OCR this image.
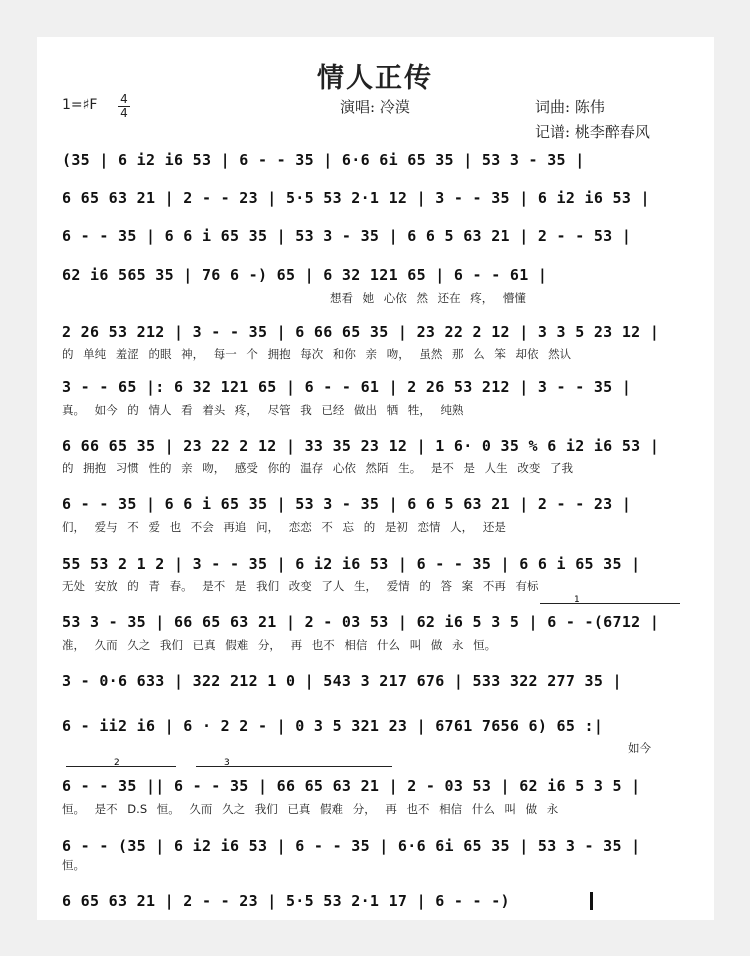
情人正传
1=♯F 4
4	演唱: 冷漠	词曲: 陈伟
记谱: 桃李醉春风
(35 | 6 i2 i6 53 | 6 - - 35 | 6·6 6i 65 35 | 53 3 - 35 |
6 65 63 21 | 2 - - 23 | 5·5 53 2·1 12 | 3 - - 35 | 6 i2 i6 53 |
6 - - 35 | 6 6 i 65 35 | 53 3 - 35 | 6 6 5 63 21 | 2 - - 53 |
62 i6 565 35 | 76 6 -) 65 | 6 32 121 65 | 6 - - 61 |
想看 她 心依 然 还在 疼， 懵懂
2 26 53 212 | 3 - - 35 | 6 66 65 35 | 23 22 2 12 | 3 3 5 23 12 |
的 单纯 羞涩 的眼 神， 每一 个 拥抱 每次 和你 亲 吻， 虽然 那 么 笨 却依 然认
3 - - 65 |: 6 32 121 65 | 6 - - 61 | 2 26 53 212 | 3 - - 35 |
真。 如今 的 情人 看 着头 疼， 尽管 我 已经 做出 牺 牲， 纯熟
6 66 65 35 | 23 22 2 12 | 33 35 23 12 | 1 6· 0 35 % 6 i2 i6 53 |
的 拥抱 习惯 性的 亲 吻， 感受 你的 温存 心依 然陌 生。 是不 是 人生 改变 了我
6 - - 35 | 6 6 i 65 35 | 53 3 - 35 | 6 6 5 63 21 | 2 - - 23 |
们， 爱与 不 爱 也 不会 再追 问， 恋恋 不 忘 的 是初 恋情 人， 还是
55 53 2 1 2 | 3 - - 35 | 6 i2 i6 53 | 6 - - 35 | 6 6 i 65 35 |
无处 安放 的 青 春。 是不 是 我们 改变 了人 生， 爱情 的 答 案 不再 有标
1
53 3 - 35 | 66 65 63 21 | 2 - 03 53 | 62 i6 5 3 5 | 6 - -(6712 |
准， 久而 久之 我们 已真 假难 分， 再 也不 相信 什么 叫 做 永 恒。
3 - 0·6 633 | 322 212 1 0 | 543 3 217 676 | 533 322 277 35 |
6 - ii2 i6 | 6 · 2 2 - | 0 3 5 321 23 | 6761 7656 6) 65 :|
如今
2	3
6 - - 35 || 6 - - 35 | 66 65 63 21 | 2 - 03 53 | 62 i6 5 3 5 |
恒。 是不 D.S 恒。 久而 久之 我们 已真 假难 分， 再 也不 相信 什么 叫 做 永
6 - - (35 | 6 i2 i6 53 | 6 - - 35 | 6·6 6i 65 35 | 53 3 - 35 |
恒。
6 65 63 21 | 2 - - 23 | 5·5 53 2·1 17 | 6 - - -)
